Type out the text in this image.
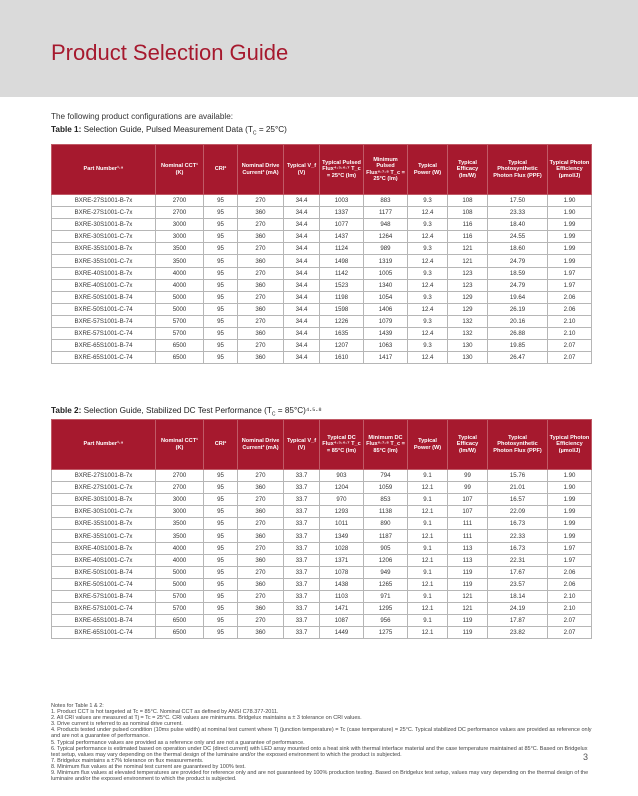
Product Selection Guide
The following product configurations are available:
Table 1: Selection Guide, Pulsed Measurement Data $(T_C = 25^\circ C)$
Part Number¹·⁹	Nominal CCT¹ (K)	CRI²	Nominal Drive Current³ (mA)	Typical V_f (V)	Typical Pulsed Flux⁴·⁵·⁶·⁷ T_c = 25°C (lm)	Minimum Pulsed Flux⁶·⁷·⁸ T_c = 25°C (lm)	Typical Power (W)	Typical Efficacy (lm/W)	Typical Photosynthetic Photon Flux (PPF)	Typical Photon Efficiency (µmol/J)
BXRE-27S1001-B-7x	2700	95	270	34.4	1003	883	9.3	108	17.50	1.90
BXRE-27S1001-C-7x	2700	95	360	34.4	1337	1177	12.4	108	23.33	1.90
BXRE-30S1001-B-7x	3000	95	270	34.4	1077	948	9.3	116	18.40	1.99
BXRE-30S1001-C-7x	3000	95	360	34.4	1437	1264	12.4	116	24.55	1.99
BXRE-35S1001-B-7x	3500	95	270	34.4	1124	989	9.3	121	18.60	1.99
BXRE-35S1001-C-7x	3500	95	360	34.4	1498	1319	12.4	121	24.79	1.99
BXRE-40S1001-B-7x	4000	95	270	34.4	1142	1005	9.3	123	18.59	1.97
BXRE-40S1001-C-7x	4000	95	360	34.4	1523	1340	12.4	123	24.79	1.97
BXRE-50S1001-B-74	5000	95	270	34.4	1198	1054	9.3	129	19.64	2.06
BXRE-50S1001-C-74	5000	95	360	34.4	1598	1406	12.4	129	26.19	2.06
BXRE-57S1001-B-74	5700	95	270	34.4	1226	1079	9.3	132	20.16	2.10
BXRE-57S1001-C-74	5700	95	360	34.4	1635	1439	12.4	132	26.88	2.10
BXRE-65S1001-B-74	6500	95	270	34.4	1207	1063	9.3	130	19.85	2.07
BXRE-65S1001-C-74	6500	95	360	34.4	1610	1417	12.4	130	26.47	2.07
Table 2: Selection Guide, Stabilized DC Test Performance $(T_C = 85^\circ C)^4\cdot^5\cdot^8$
Part Number¹·⁹	Nominal CCT¹ (K)	CRI²	Nominal Drive Current³ (mA)	Typical V_f (V)	Typical DC Flux⁴·⁵·⁶·⁷ T_c = 85°C (lm)	Minimum DC Flux⁶·⁷·⁸ T_c = 85°C (lm)	Typical Power (W)	Typical Efficacy (lm/W)	Typical Photosynthetic Photon Flux (PPF)	Typical Photon Efficiency (µmol/J)
BXRE-27S1001-B-7x	2700	95	270	33.7	903	794	9.1	99	15.76	1.90
BXRE-27S1001-C-7x	2700	95	360	33.7	1204	1059	12.1	99	21.01	1.90
BXRE-30S1001-B-7x	3000	95	270	33.7	970	853	9.1	107	16.57	1.99
BXRE-30S1001-C-7x	3000	95	360	33.7	1293	1138	12.1	107	22.09	1.99
BXRE-35S1001-B-7x	3500	95	270	33.7	1011	890	9.1	111	16.73	1.99
BXRE-35S1001-C-7x	3500	95	360	33.7	1349	1187	12.1	111	22.33	1.99
BXRE-40S1001-B-7x	4000	95	270	33.7	1028	905	9.1	113	16.73	1.97
BXRE-40S1001-C-7x	4000	95	360	33.7	1371	1206	12.1	113	22.31	1.97
BXRE-50S1001-B-74	5000	95	270	33.7	1078	949	9.1	119	17.67	2.06
BXRE-50S1001-C-74	5000	95	360	33.7	1438	1265	12.1	119	23.57	2.06
BXRE-57S1001-B-74	5700	95	270	33.7	1103	971	9.1	121	18.14	2.10
BXRE-57S1001-C-74	5700	95	360	33.7	1471	1295	12.1	121	24.19	2.10
BXRE-65S1001-B-74	6500	95	270	33.7	1087	956	9.1	119	17.87	2.07
BXRE-65S1001-C-74	6500	95	360	33.7	1449	1275	12.1	119	23.82	2.07
Notes for Table 1 & 2:
1. Product CCT is hot targeted at Tc = 85°C. Nominal CCT as defined by ANSI C78.377-2011.
2. All CRI values are measured at Tj = Tc = 25°C. CRI values are minimums. Bridgelux maintains a ± 3 tolerance on CRI values.
3. Drive current is referred to as nominal drive current.
4. Products tested under pulsed condition (10ms pulse width) at nominal test current where Tj (junction temperature) = Tc (case temperature) = 25°C. Typical stabilized DC performance values are provided as reference only and are not a guarantee of performance.
5. Typical performance values are provided as a reference only and are not a guarantee of performance.
6. Typical performance is estimated based on operation under DC (direct current) with LED array mounted onto a heat sink with thermal interface material and the case temperature maintained at 85°C. Based on Bridgelux test setup, values may vary depending on the thermal design of the luminaire and/or the exposed environment to which the product is subjected.
7. Bridgelux maintains a ±7% tolerance on flux measurements.
8. Minimum flux values at the nominal test current are guaranteed by 100% test.
9. Minimum flux values at elevated temperatures are provided for reference only and are not guaranteed by 100% production testing. Based on Bridgelux test setup, values may vary depending on the thermal design of the luminaire and/or the exposed environment to which the product is subjected.
3
